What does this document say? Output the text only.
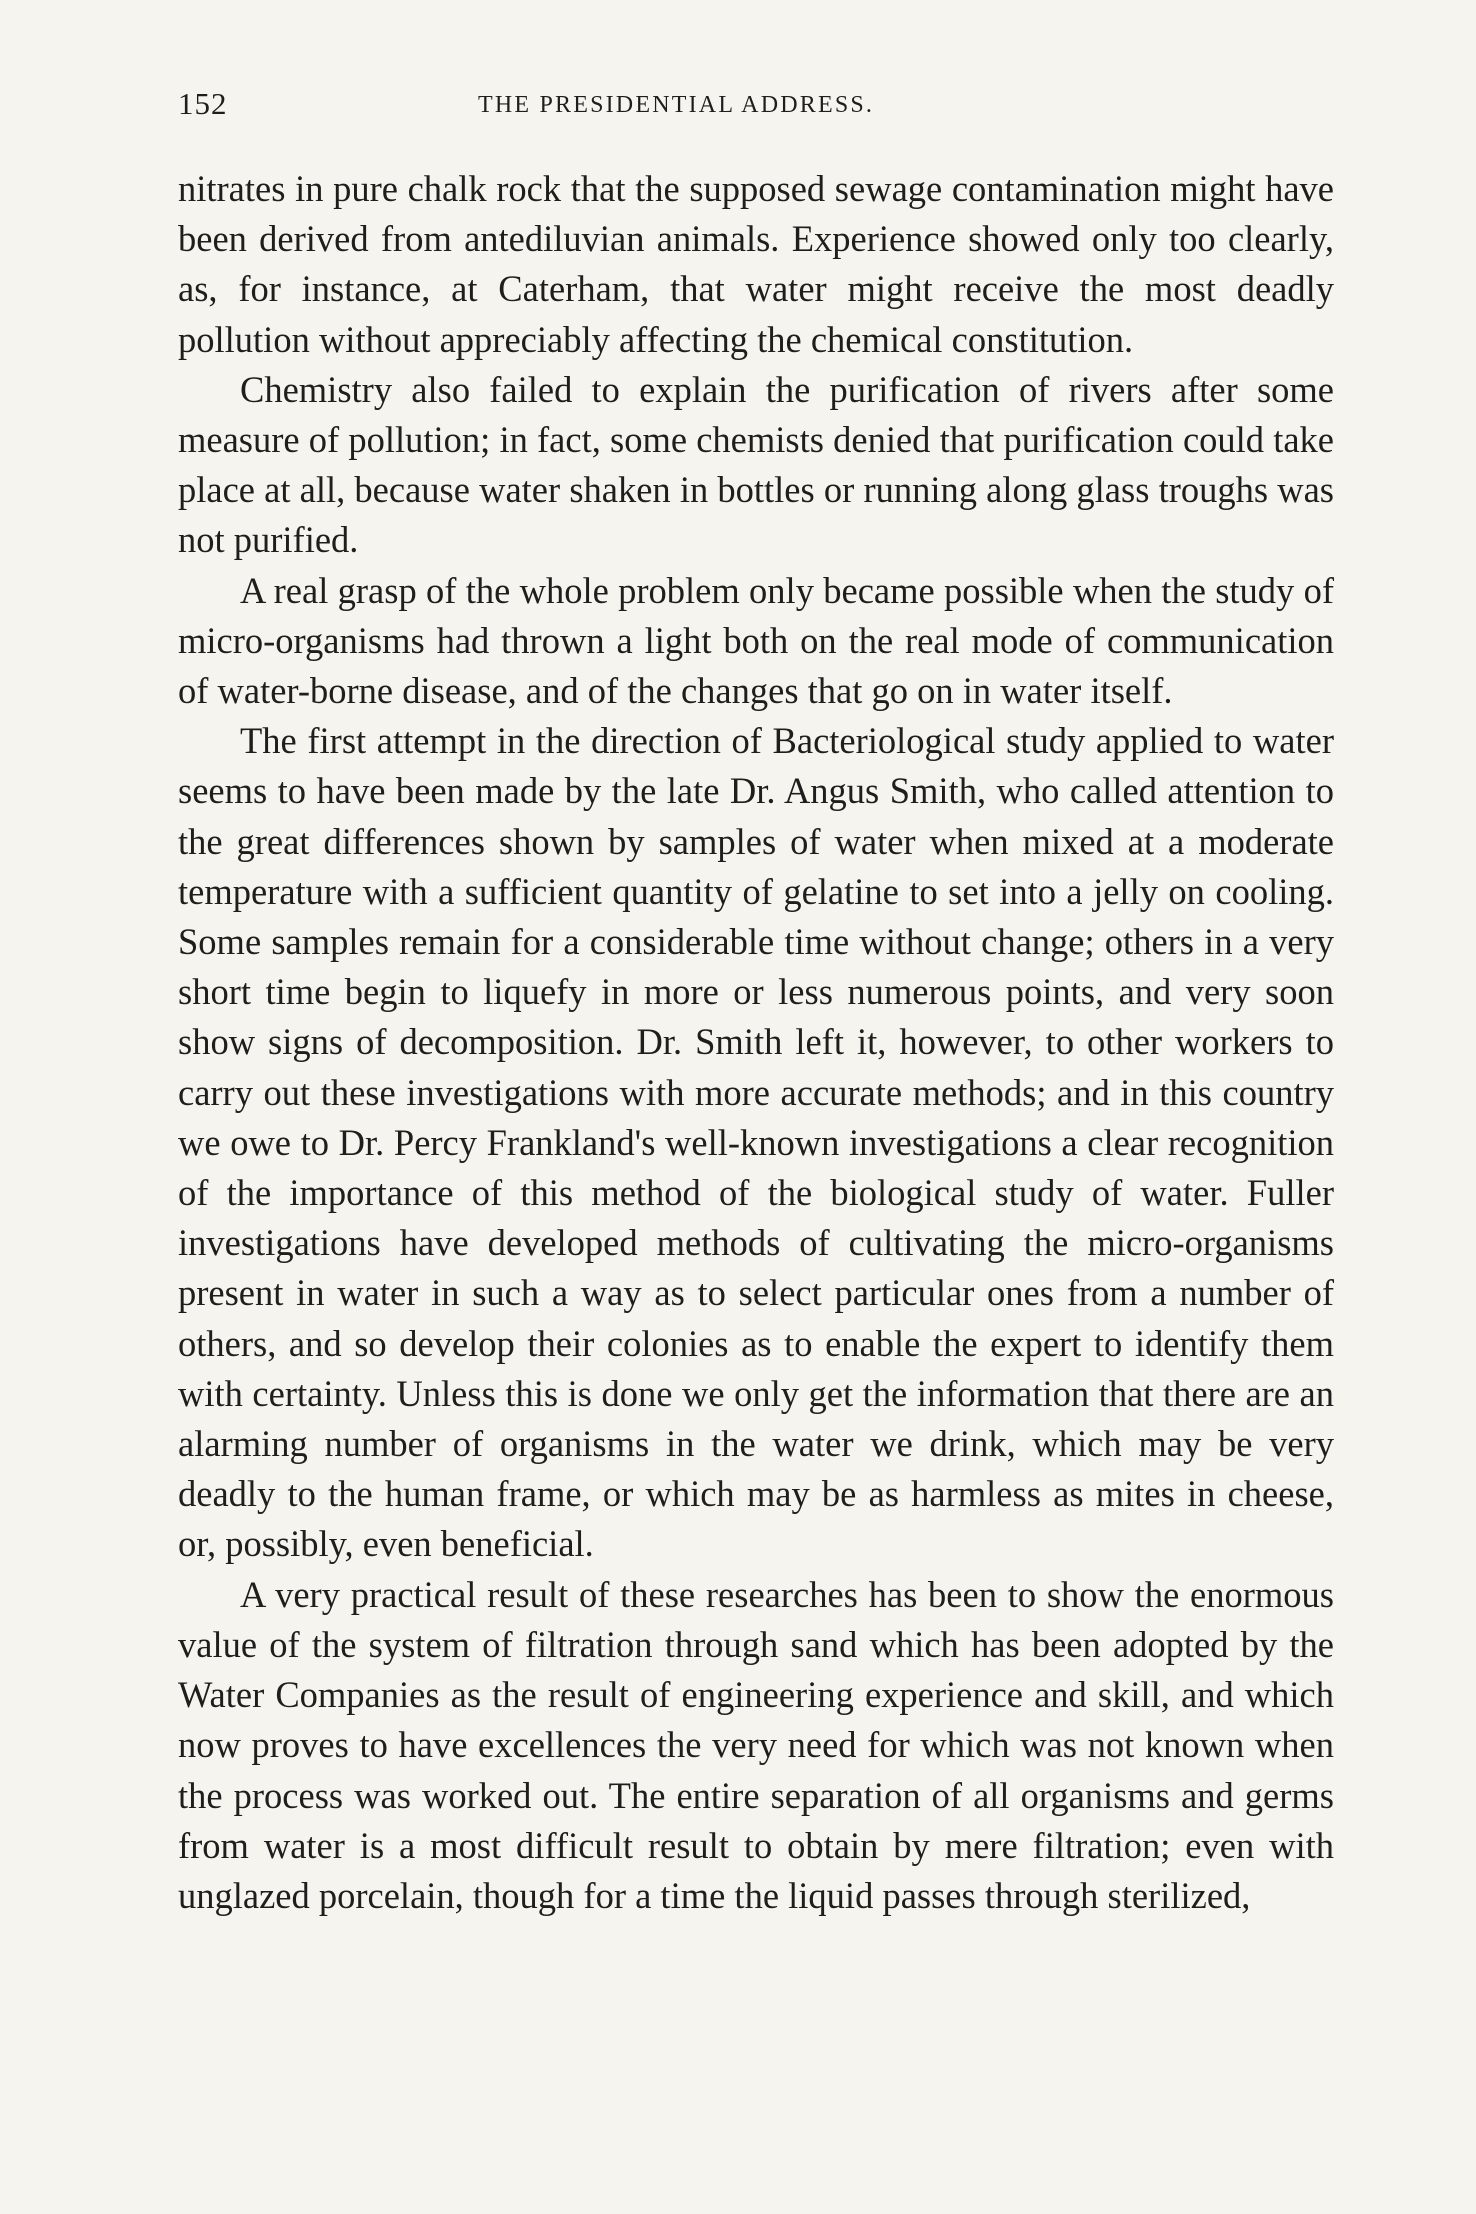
152	THE PRESIDENTIAL ADDRESS.

nitrates in pure chalk rock that the supposed sewage contamination might have been derived from antediluvian animals. Experience showed only too clearly, as, for instance, at Caterham, that water might receive the most deadly pollution without appreciably affecting the chemical constitution.

Chemistry also failed to explain the purification of rivers after some measure of pollution; in fact, some chemists denied that purification could take place at all, because water shaken in bottles or running along glass troughs was not purified.

A real grasp of the whole problem only became possible when the study of micro-organisms had thrown a light both on the real mode of communication of water-borne disease, and of the changes that go on in water itself.

The first attempt in the direction of Bacteriological study applied to water seems to have been made by the late Dr. Angus Smith, who called attention to the great differences shown by samples of water when mixed at a moderate temperature with a sufficient quantity of gelatine to set into a jelly on cooling. Some samples remain for a considerable time without change; others in a very short time begin to liquefy in more or less numerous points, and very soon show signs of decomposition. Dr. Smith left it, however, to other workers to carry out these investigations with more accurate methods; and in this country we owe to Dr. Percy Frankland's well-known investigations a clear recognition of the importance of this method of the biological study of water. Fuller investigations have developed methods of cultivating the micro-organisms present in water in such a way as to select particular ones from a number of others, and so develop their colonies as to enable the expert to identify them with certainty. Unless this is done we only get the information that there are an alarming number of organisms in the water we drink, which may be very deadly to the human frame, or which may be as harmless as mites in cheese, or, possibly, even beneficial.

A very practical result of these researches has been to show the enormous value of the system of filtration through sand which has been adopted by the Water Companies as the result of engineering experience and skill, and which now proves to have excellences the very need for which was not known when the process was worked out. The entire separation of all organisms and germs from water is a most difficult result to obtain by mere filtration; even with unglazed porcelain, though for a time the liquid passes through sterilized,
